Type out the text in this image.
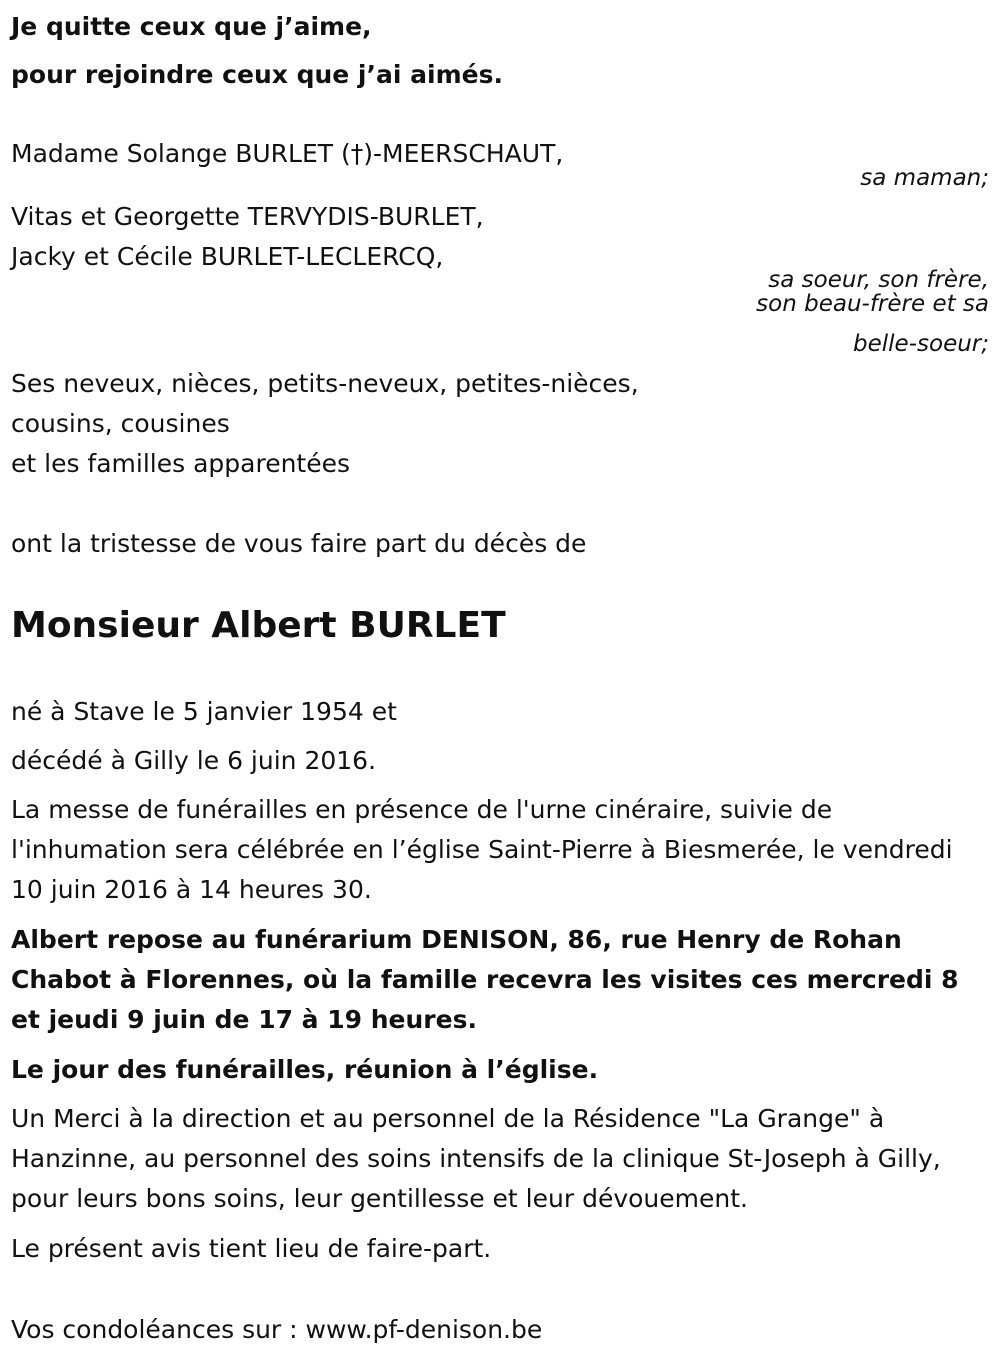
Je quitte ceux que j’aime,
pour rejoindre ceux que j’ai aimés.
Madame Solange BURLET (†)-MEERSCHAUT,
sa maman;
Vitas et Georgette TERVYDIS-BURLET,
Jacky et Cécile BURLET-LECLERCQ,
sa soeur, son frère,
son beau-frère et sa
belle-soeur;
Ses neveux, nièces, petits-neveux, petites-nièces,
cousins, cousines
et les familles apparentées
ont la tristesse de vous faire part du décès de
Monsieur Albert BURLET
né à Stave le 5 janvier 1954 et
décédé à Gilly le 6 juin 2016.
La messe de funérailles en présence de l'urne cinéraire, suivie de l'inhumation sera célébrée en l’église Saint-Pierre à Biesmerée, le vendredi 10 juin 2016 à 14 heures 30.
Albert repose au funérarium DENISON, 86, rue Henry de Rohan Chabot à Florennes, où la famille recevra les visites ces mercredi 8 et jeudi 9 juin de 17 à 19 heures.
Le jour des funérailles, réunion à l’église.
Un Merci à la direction et au personnel de la Résidence "La Grange" à Hanzinne, au personnel des soins intensifs de la clinique St-Joseph à Gilly, pour leurs bons soins, leur gentillesse et leur dévouement.
Le présent avis tient lieu de faire-part.
Vos condoléances sur : www.pf-denison.be
